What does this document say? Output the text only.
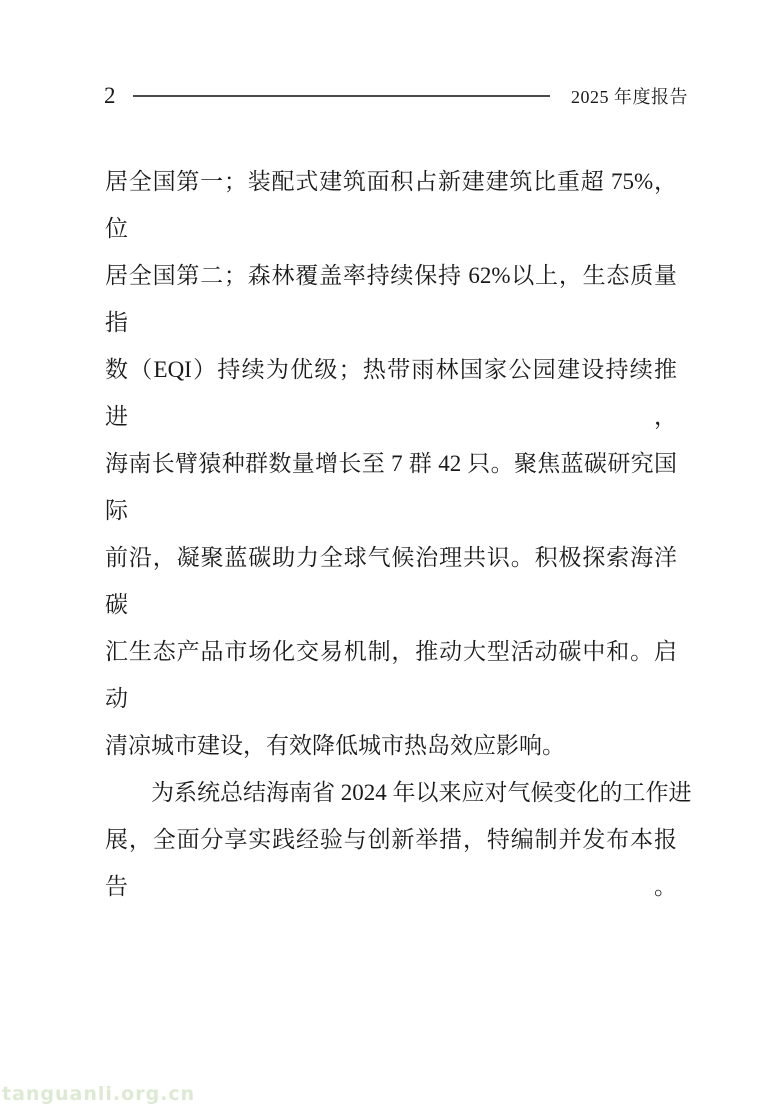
2	2025 年度报告
居全国第一；装配式建筑面积占新建建筑比重超 75%，位
居全国第二；森林覆盖率持续保持 62%以上，生态质量指
数（EQI）持续为优级；热带雨林国家公园建设持续推进，
海南长臂猿种群数量增长至 7 群 42 只。聚焦蓝碳研究国际
前沿，凝聚蓝碳助力全球气候治理共识。积极探索海洋碳
汇生态产品市场化交易机制，推动大型活动碳中和。启动
清凉城市建设，有效降低城市热岛效应影响。
为系统总结海南省 2024 年以来应对气候变化的工作进
展，全面分享实践经验与创新举措，特编制并发布本报告。
tanguanli.org.cn
